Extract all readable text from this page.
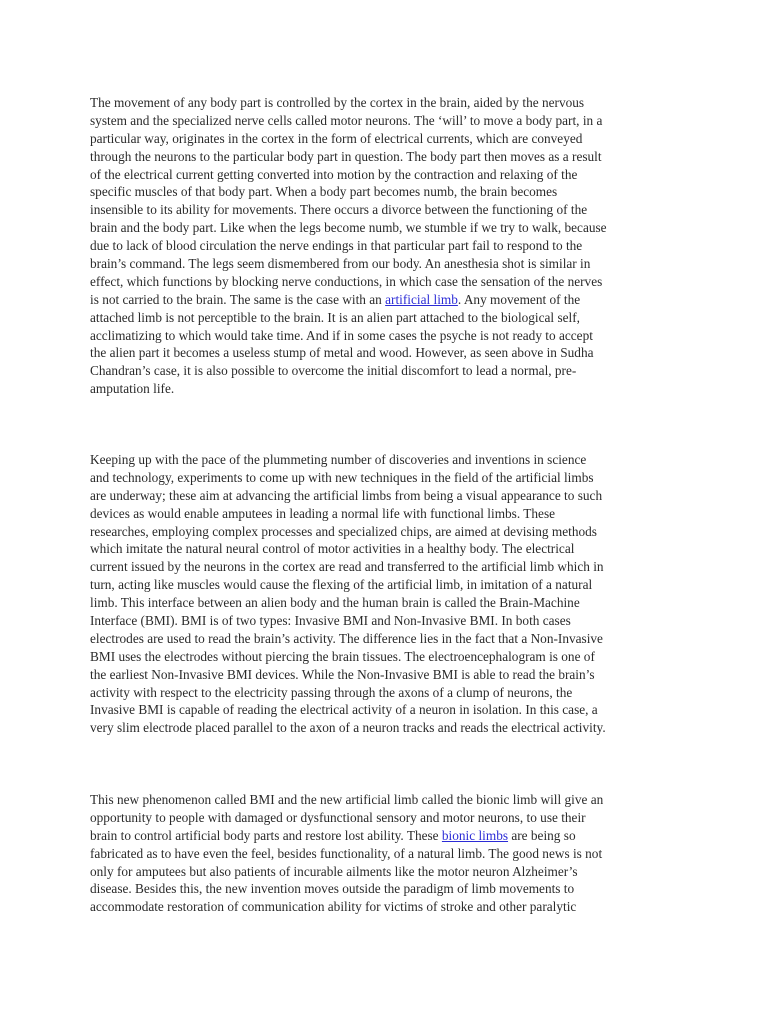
The movement of any body part is controlled by the cortex in the brain, aided by the nervous
system and the specialized nerve cells called motor neurons. The ‘will’ to move a body part, in a
particular way, originates in the cortex in the form of electrical currents, which are conveyed
through the neurons to the particular body part in question. The body part then moves as a result
of the electrical current getting converted into motion by the contraction and relaxing of the
specific muscles of that body part. When a body part becomes numb, the brain becomes
insensible to its ability for movements. There occurs a divorce between the functioning of the
brain and the body part. Like when the legs become numb, we stumble if we try to walk, because
due to lack of blood circulation the nerve endings in that particular part fail to respond to the
brain’s command. The legs seem dismembered from our body. An anesthesia shot is similar in
effect, which functions by blocking nerve conductions, in which case the sensation of the nerves
is not carried to the brain. The same is the case with an artificial limb. Any movement of the
attached limb is not perceptible to the brain. It is an alien part attached to the biological self,
acclimatizing to which would take time. And if in some cases the psyche is not ready to accept
the alien part it becomes a useless stump of metal and wood. However, as seen above in Sudha
Chandran’s case, it is also possible to overcome the initial discomfort to lead a normal, pre-
amputation life.

Keeping up with the pace of the plummeting number of discoveries and inventions in science
and technology, experiments to come up with new techniques in the field of the artificial limbs
are underway; these aim at advancing the artificial limbs from being a visual appearance to such
devices as would enable amputees in leading a normal life with functional limbs. These
researches, employing complex processes and specialized chips, are aimed at devising methods
which imitate the natural neural control of motor activities in a healthy body. The electrical
current issued by the neurons in the cortex are read and transferred to the artificial limb which in
turn, acting like muscles would cause the flexing of the artificial limb, in imitation of a natural
limb. This interface between an alien body and the human brain is called the Brain-Machine
Interface (BMI). BMI is of two types: Invasive BMI and Non-Invasive BMI. In both cases
electrodes are used to read the brain’s activity. The difference lies in the fact that a Non-Invasive
BMI uses the electrodes without piercing the brain tissues. The electroencephalogram is one of
the earliest Non-Invasive BMI devices. While the Non-Invasive BMI is able to read the brain’s
activity with respect to the electricity passing through the axons of a clump of neurons, the
Invasive BMI is capable of reading the electrical activity of a neuron in isolation. In this case, a
very slim electrode placed parallel to the axon of a neuron tracks and reads the electrical activity.

This new phenomenon called BMI and the new artificial limb called the bionic limb will give an
opportunity to people with damaged or dysfunctional sensory and motor neurons, to use their
brain to control artificial body parts and restore lost ability. These bionic limbs are being so
fabricated as to have even the feel, besides functionality, of a natural limb. The good news is not
only for amputees but also patients of incurable ailments like the motor neuron Alzheimer’s
disease. Besides this, the new invention moves outside the paradigm of limb movements to
accommodate restoration of communication ability for victims of stroke and other paralytic
